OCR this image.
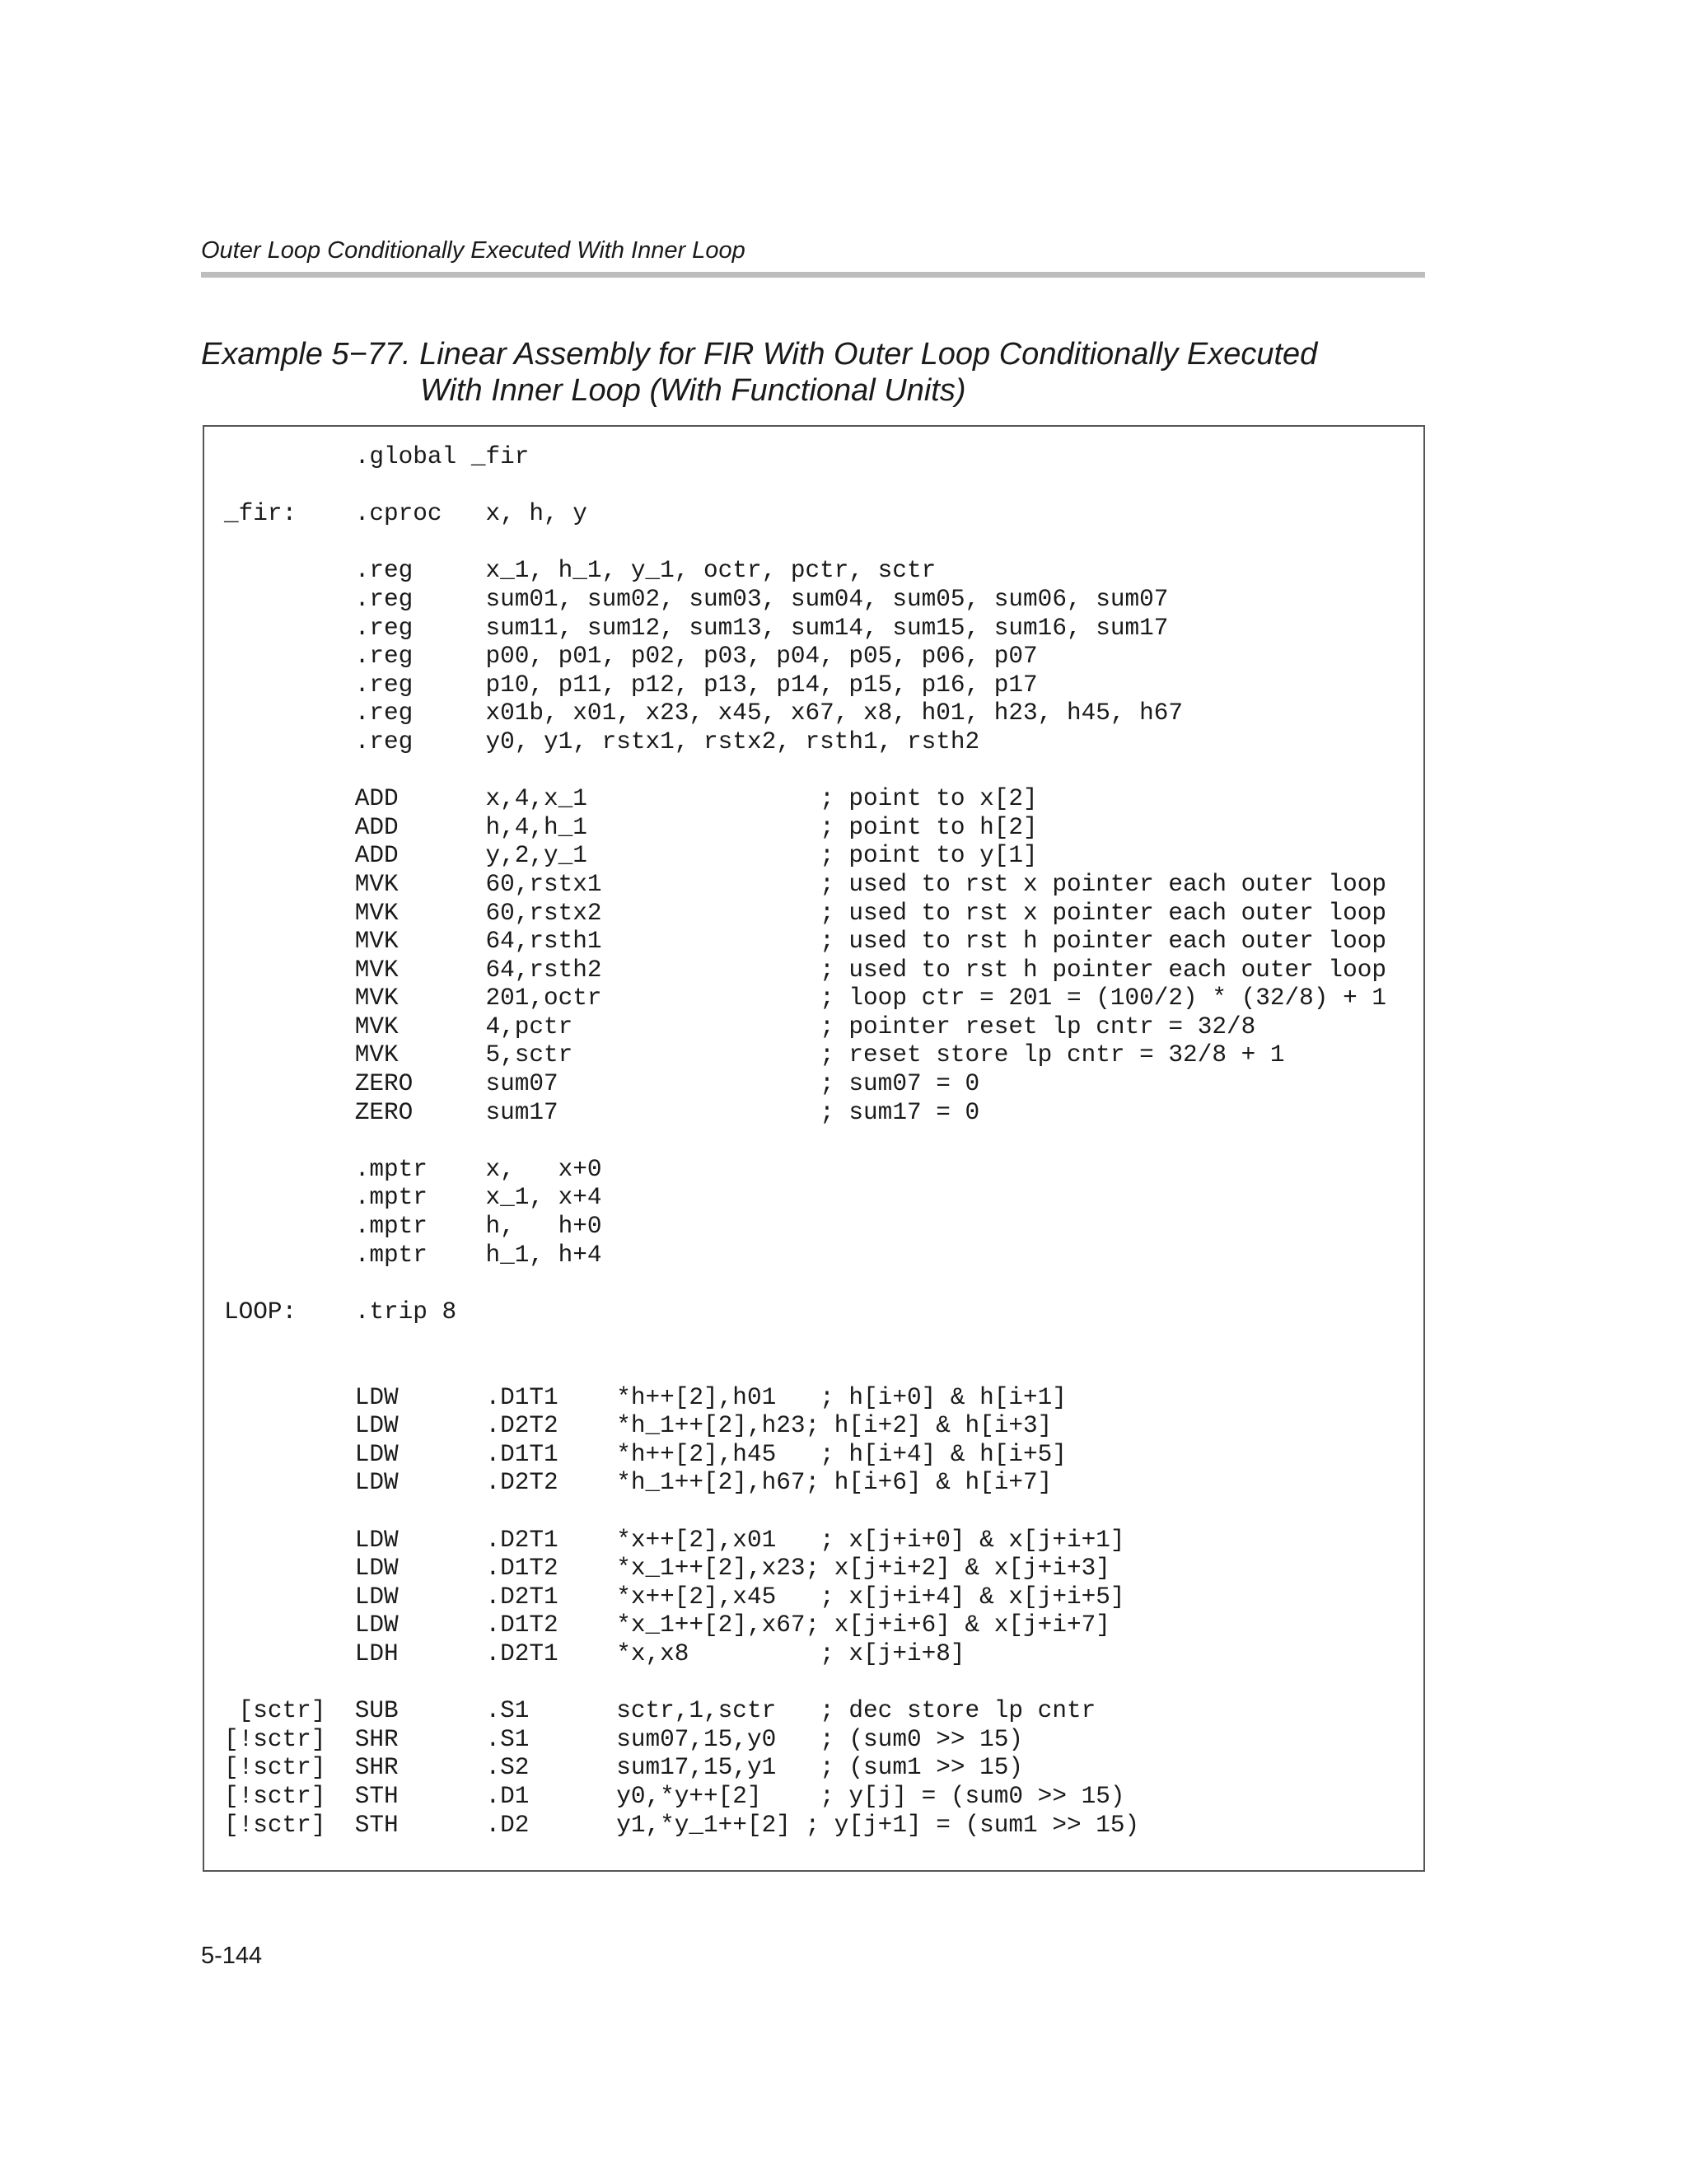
Outer Loop Conditionally Executed With Inner Loop
Example 5−77. Linear Assembly for FIR With Outer Loop Conditionally Executed
With Inner Loop (With Functional Units)
.global _fir
_fir:    .cproc   x, h, y
.reg     x_1, h_1, y_1, octr, pctr, sctr
.reg     sum01, sum02, sum03, sum04, sum05, sum06, sum07
.reg     sum11, sum12, sum13, sum14, sum15, sum16, sum17
.reg     p00, p01, p02, p03, p04, p05, p06, p07
.reg     p10, p11, p12, p13, p14, p15, p16, p17
.reg     x01b, x01, x23, x45, x67, x8, h01, h23, h45, h67
.reg     y0, y1, rstx1, rstx2, rsth1, rsth2
ADD      x,4,x_1                ; point to x[2]
ADD      h,4,h_1                ; point to h[2]
ADD      y,2,y_1                ; point to y[1]
MVK      60,rstx1               ; used to rst x pointer each outer loop
MVK      60,rstx2               ; used to rst x pointer each outer loop
MVK      64,rsth1               ; used to rst h pointer each outer loop
MVK      64,rsth2               ; used to rst h pointer each outer loop
MVK      201,octr               ; loop ctr = 201 = (100/2) * (32/8) + 1
MVK      4,pctr                 ; pointer reset lp cntr = 32/8
MVK      5,sctr                 ; reset store lp cntr = 32/8 + 1
ZERO     sum07                  ; sum07 = 0
ZERO     sum17                  ; sum17 = 0
.mptr    x,   x+0
.mptr    x_1, x+4
.mptr    h,   h+0
.mptr    h_1, h+4
LOOP:    .trip 8
LDW      .D1T1    *h++[2],h01   ; h[i+0] & h[i+1]
LDW      .D2T2    *h_1++[2],h23; h[i+2] & h[i+3]
LDW      .D1T1    *h++[2],h45   ; h[i+4] & h[i+5]
LDW      .D2T2    *h_1++[2],h67; h[i+6] & h[i+7]
LDW      .D2T1    *x++[2],x01   ; x[j+i+0] & x[j+i+1]
LDW      .D1T2    *x_1++[2],x23; x[j+i+2] & x[j+i+3]
LDW      .D2T1    *x++[2],x45   ; x[j+i+4] & x[j+i+5]
LDW      .D1T2    *x_1++[2],x67; x[j+i+6] & x[j+i+7]
LDH      .D2T1    *x,x8         ; x[j+i+8]
[sctr]  SUB      .S1      sctr,1,sctr   ; dec store lp cntr
[!sctr]  SHR      .S1      sum07,15,y0   ; (sum0 >> 15)
[!sctr]  SHR      .S2      sum17,15,y1   ; (sum1 >> 15)
[!sctr]  STH      .D1      y0,*y++[2]    ; y[j] = (sum0 >> 15)
[!sctr]  STH      .D2      y1,*y_1++[2] ; y[j+1] = (sum1 >> 15)
5-144
